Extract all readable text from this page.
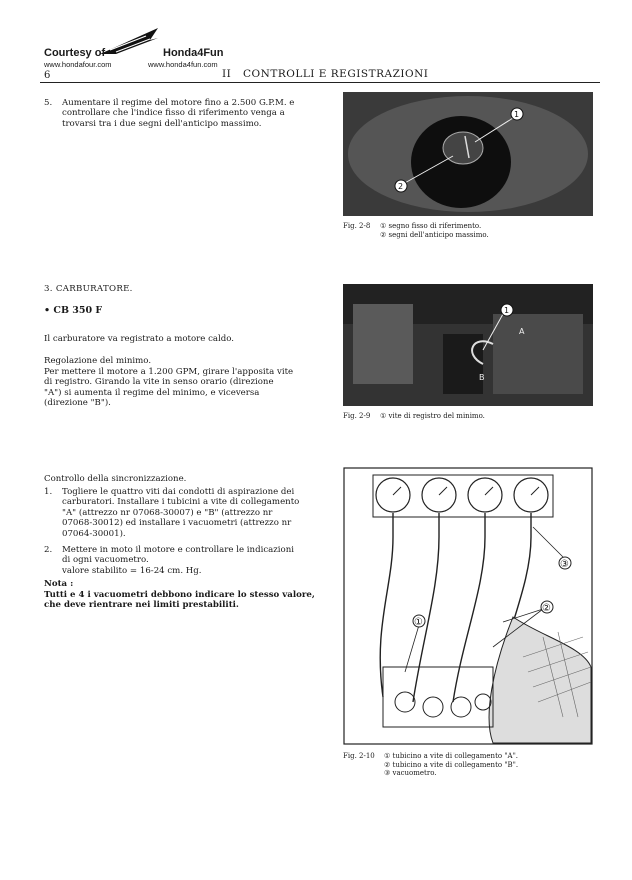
Courtesy of	Honda4Fun
www.hondafour.com	www.honda4fun.com
6	II CONTROLLI E REGISTRAZIONI
5. Aumentare il regime del motore fino a 2.500 G.P.M. e
controllare che l'indice fisso di riferimento venga a
trovarsi tra i due segni dell'anticipo massimo.
2
1
Fig. 2-8 ① segno fisso di riferimento.
② segni dell'anticipo massimo.
3. CARBURATORE.
• CB 350 F
Il carburatore va registrato a motore caldo.
Regolazione del minimo.
Per mettere il motore a 1.200 GPM, girare l'apposita vite
di registro. Girando la vite in senso orario (direzione
"A") si aumenta il regime del minimo, e viceversa
(direzione "B").
1
A
B
Fig. 2-9 ① vite di registro del minimo.
Controllo della sincronizzazione.
1. Togliere le quattro viti dai condotti di aspirazione dei
carburatori. Installare i tubicini a vite di collegamento
"A" (attrezzo nr 07068-30007) e "B" (attrezzo nr
07068-30012) ed installare i vacuometri (attrezzo nr
07064-30001).
2. Mettere in moto il motore e controllare le indicazioni
di ogni vacuometro.
valore stabilito = 16-24 cm. Hg.
Nota :
Tutti e 4 i vacuometri debbono indicare lo stesso valore,
che deve rientrare nei limiti prestabiliti.
①
②
③
Fig. 2-10 ① tubicino a vite di collegamento "A".
② tubicino a vite di collegamento "B".
③ vacuometro.
